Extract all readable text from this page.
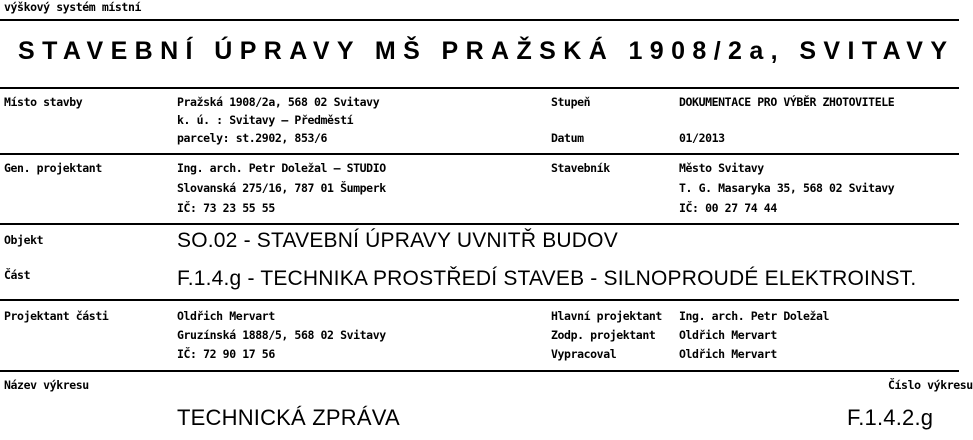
výškový systém místní
STAVEBNÍ ÚPRAVY MŠ PRAŽSKÁ 1908/2a, SVITAVY
Místo stavby	Pražská 1908/2a, 568 02 Svitavy
k. ú. : Svitavy – Předměstí
parcely: st.2902, 853/6
Stupeň	DOKUMENTACE PRO VÝBĚR ZHOTOVITELE
Datum	01/2013
Gen. projektant	Ing. arch. Petr Doležal – STUDIO
Slovanská 275/16, 787 01 Šumperk
IČ: 73 23 55 55
Stavebník	Město Svitavy
T. G. Masaryka 35, 568 02 Svitavy
IČ: 00 27 74 44
Objekt	SO.02 - STAVEBNÍ ÚPRAVY UVNITŘ BUDOV
Část	F.1.4.g - TECHNIKA PROSTŘEDÍ STAVEB - SILNOPROUDÉ ELEKTROINST.
Projektant části	Oldřich Mervart
Gruzínská 1888/5, 568 02 Svitavy
IČ: 72 90 17 56
Hlavní projektant Ing. arch. Petr Doležal
Zodp. projektant Oldřich Mervart
Vypracoval	Oldřich Mervart
Název výkresu	Číslo výkresu
TECHNICKÁ ZPRÁVA	F.1.4.2.g
